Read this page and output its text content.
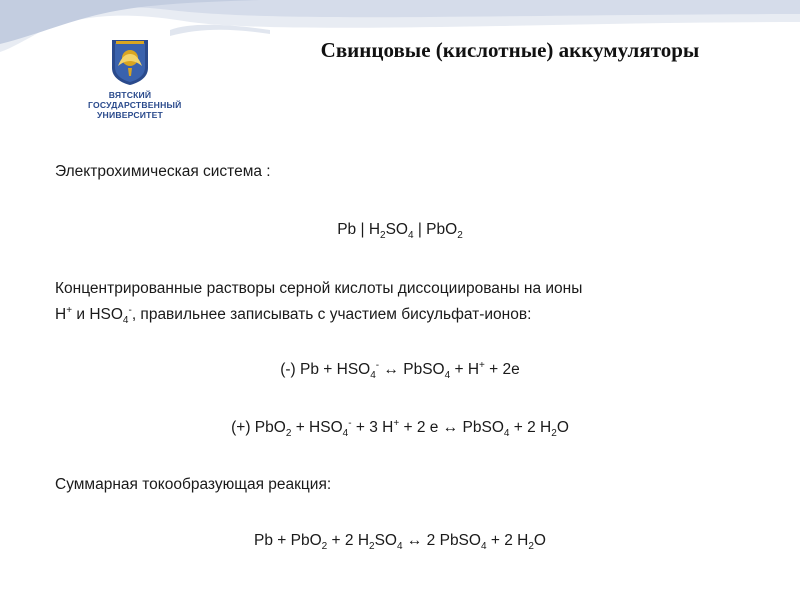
ВЯТСКИЙ
ГОСУДАРСТВЕННЫЙ
УНИВЕРСИТЕТ
Свинцовые (кислотные) аккумуляторы
Электрохимическая система :
Pb | $H_2SO_4$ | PbO$_2$
Концентрированные растворы серной кислоты диссоциированы на ионы
H+ и $HSO_4^-$, правильнее записывать с участием бисульфат-ионов:
(-) $Pb + HSO_4^-$ ↔ PbSO$_4$ + H+ + 2e
(+) $PbO_2 + HSO_4^- + 3$ H+ + 2 e ↔ PbSO$_4$ + 2 $H_2O$
Суммарная токообразующая реакция:
Pb + PbO$_2$ + 2 $H_2SO_4$ ↔ 2 PbSO$_4$ + 2 $H_2O$
